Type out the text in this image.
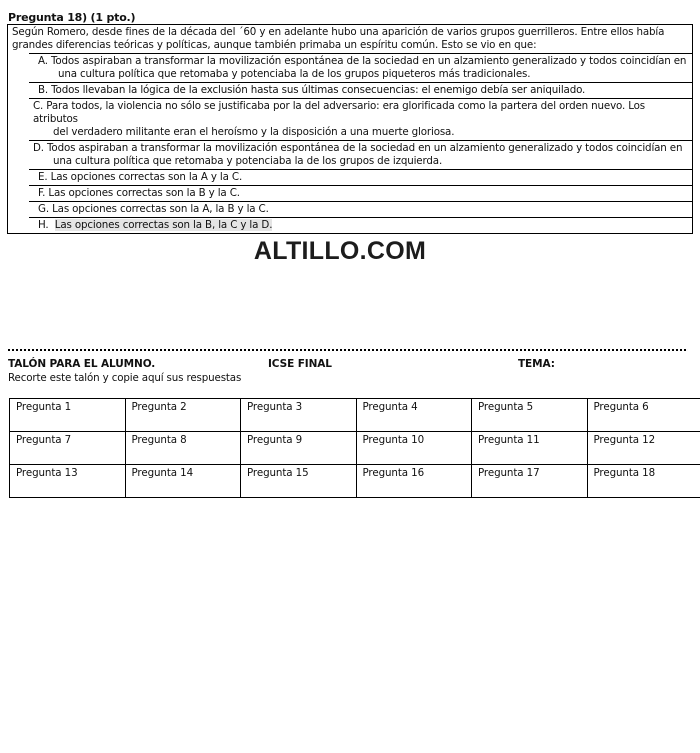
Pregunta 18) (1 pto.)
Según Romero, desde fines de la década del ´60 y en adelante hubo una aparición de varios grupos guerrilleros. Entre ellos había grandes diferencias teóricas y políticas, aunque también primaba un espíritu común. Esto se vio en que:
A. Todos aspiraban a transformar la movilización espontánea de la sociedad en un alzamiento generalizado y todos coincidían en
una cultura política que retomaba y potenciaba la de los grupos piqueteros más tradicionales.
B. Todos llevaban la lógica de la exclusión hasta sus últimas consecuencias: el enemigo debía ser aniquilado.
C. Para todos, la violencia no sólo se justificaba por la del adversario: era glorificada como la partera del orden nuevo. Los atributos
del verdadero militante eran el heroísmo y la disposición a una muerte gloriosa.
D. Todos aspiraban a transformar la movilización espontánea de la sociedad en un alzamiento generalizado y todos coincidían en
una cultura política que retomaba y potenciaba la de los grupos de izquierda.
E. Las opciones correctas son la A y la C.
F. Las opciones correctas son la B y la C.
G. Las opciones correctas son la A, la B y la C.
H. Las opciones correctas son la B, la C y la D.
ALTILLO.COM
TALÓN PARA EL ALUMNO.	ICSE FINAL	TEMA:
Recorte este talón y copie aquí sus respuestas
Pregunta 1	Pregunta 2	Pregunta 3	Pregunta 4	Pregunta 5	Pregunta 6
Pregunta 7	Pregunta 8	Pregunta 9	Pregunta 10	Pregunta 11	Pregunta 12
Pregunta 13	Pregunta 14	Pregunta 15	Pregunta 16	Pregunta 17	Pregunta 18
